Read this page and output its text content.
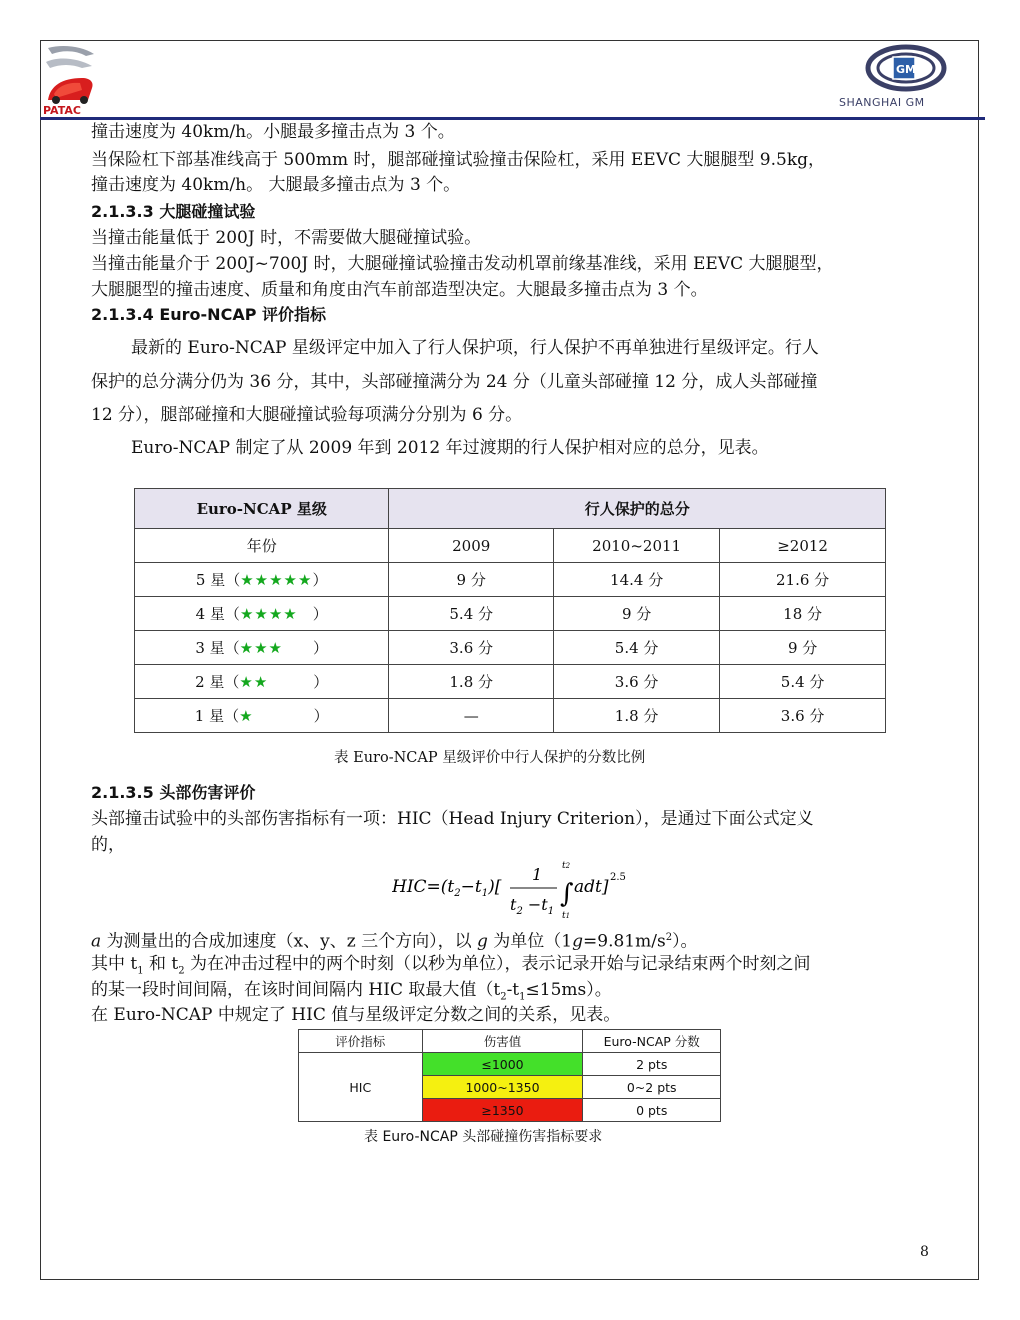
PATAC
GM
SHANGHAI GM

撞击速度为 40km/h。小腿最多撞击点为 3 个。

当保险杠下部基准线高于 500mm 时，腿部碰撞试验撞击保险杠，采用 EEVC 大腿腿型 9.5kg，

撞击速度为 40km/h。 大腿最多撞击点为 3 个。

2.1.3.3 大腿碰撞试验

当撞击能量低于 200J 时，不需要做大腿碰撞试验。

当撞击能量介于 200J~700J 时，大腿碰撞试验撞击发动机罩前缘基准线，采用 EEVC 大腿腿型，

大腿腿型的撞击速度、质量和角度由汽车前部造型决定。大腿最多撞击点为 3 个。

2.1.3.4 Euro-NCAP 评价指标

最新的 Euro-NCAP 星级评定中加入了行人保护项，行人保护不再单独进行星级评定。行人

保护的总分满分仍为 36 分，其中，头部碰撞满分为 24 分（儿童头部碰撞 12 分，成人头部碰撞

12 分），腿部碰撞和大腿碰撞试验每项满分分别为 6 分。

Euro-NCAP 制定了从 2009 年到 2012 年过渡期的行人保护相对应的总分，见表。

Euro-NCAP 星级	行人保护的总分		
年份	2009	2010~2011	≥2012
5 星（★★★★★）	9 分	14.4 分	21.6 分
4 星（★★★★　 ）	5.4 分	9 分	18 分
3 星（★★★　　 ）	3.6 分	5.4 分	9 分
2 星（★★　　　 ）	1.8 分	3.6 分	5.4 分
1 星（★　　　　 ）	—	1.8 分	3.6 分
表 Euro-NCAP 星级评价中行人保护的分数比例

2.1.3.5 头部伤害评价

头部撞击试验中的头部伤害指标有一项：HIC（Head Injury Criterion），是通过下面公式定义

的，

$HIC=(t_2-t_1)$[
1
$t_2 -t_1$
t2
∫
t1
adt] 2.5

a 为测量出的合成加速度（x、y、z 三个方向），以 g 为单位$(1g=9.81m/s^2)$。

其中 $t_1$ 和 $t_2$ 为在冲击过程中的两个时刻（以秒为单位），表示记录开始与记录结束两个时刻之间

的某一段时间间隔，在该时间间隔内 HIC 取最大值$(t_2-t_1\le 15ms)$。

在 Euro-NCAP 中规定了 HIC 值与星级评定分数之间的关系，见表。

评价指标	伤害值	Euro-NCAP 分数
HIC	≤1000	2 pts
	1000~1350	0~2 pts
	≥1350	0 pts
表 Euro-NCAP 头部碰撞伤害指标要求
8
